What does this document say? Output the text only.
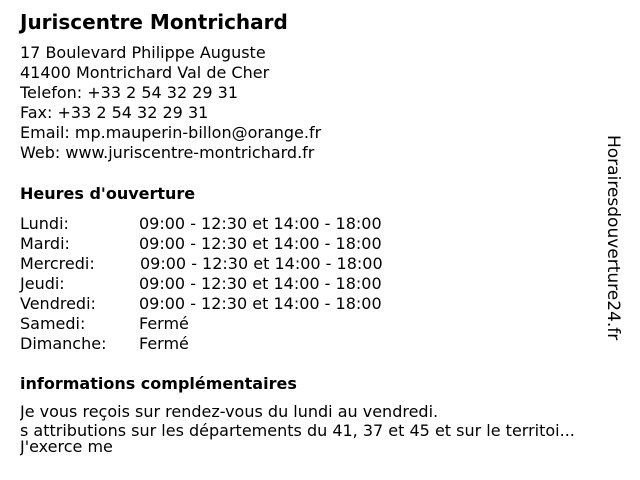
Juriscentre Montrichard
17 Boulevard Philippe Auguste
41400 Montrichard Val de Cher
Telefon: +33 2 54 32 29 31
Fax: +33 2 54 32 29 31
Email: mp.mauperin-billon@orange.fr
Web: www.juriscentre-montrichard.fr
Heures d'ouverture
Lundi:	09:00 - 12:30 et 14:00 - 18:00
Mardi:	09:00 - 12:30 et 14:00 - 18:00
Mercredi:	09:00 - 12:30 et 14:00 - 18:00
Jeudi:	09:00 - 12:30 et 14:00 - 18:00
Vendredi:	09:00 - 12:30 et 14:00 - 18:00
Samedi:	Fermé
Dimanche: Fermé
informations complémentaires
Je vous reçois sur rendez-vous du lundi au vendredi.
s attributions sur les départements du 41, 37 et 45 et sur le territoi...
J'exerce me
Horairesdouverture24.fr
